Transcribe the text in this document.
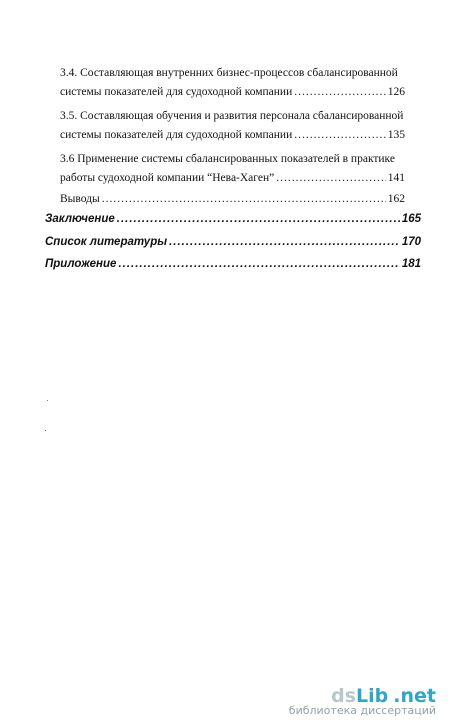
3.4. Составляющая внутренних бизнес-процессов сбалансированной
системы показателей для судоходной компании .....	126
3.5. Составляющая обучения и развития персонала сбалансированной
системы показателей для судоходной компании .....	135
3.6 Применение системы сбалансированных показателей в практике
работы судоходной компании “Нева-Хаген” .....	141
Выводы .....	162
Заключение .....	165
Список литературы .....	170
Приложение .....	181
dsLib .net
библиотека диссертаций
